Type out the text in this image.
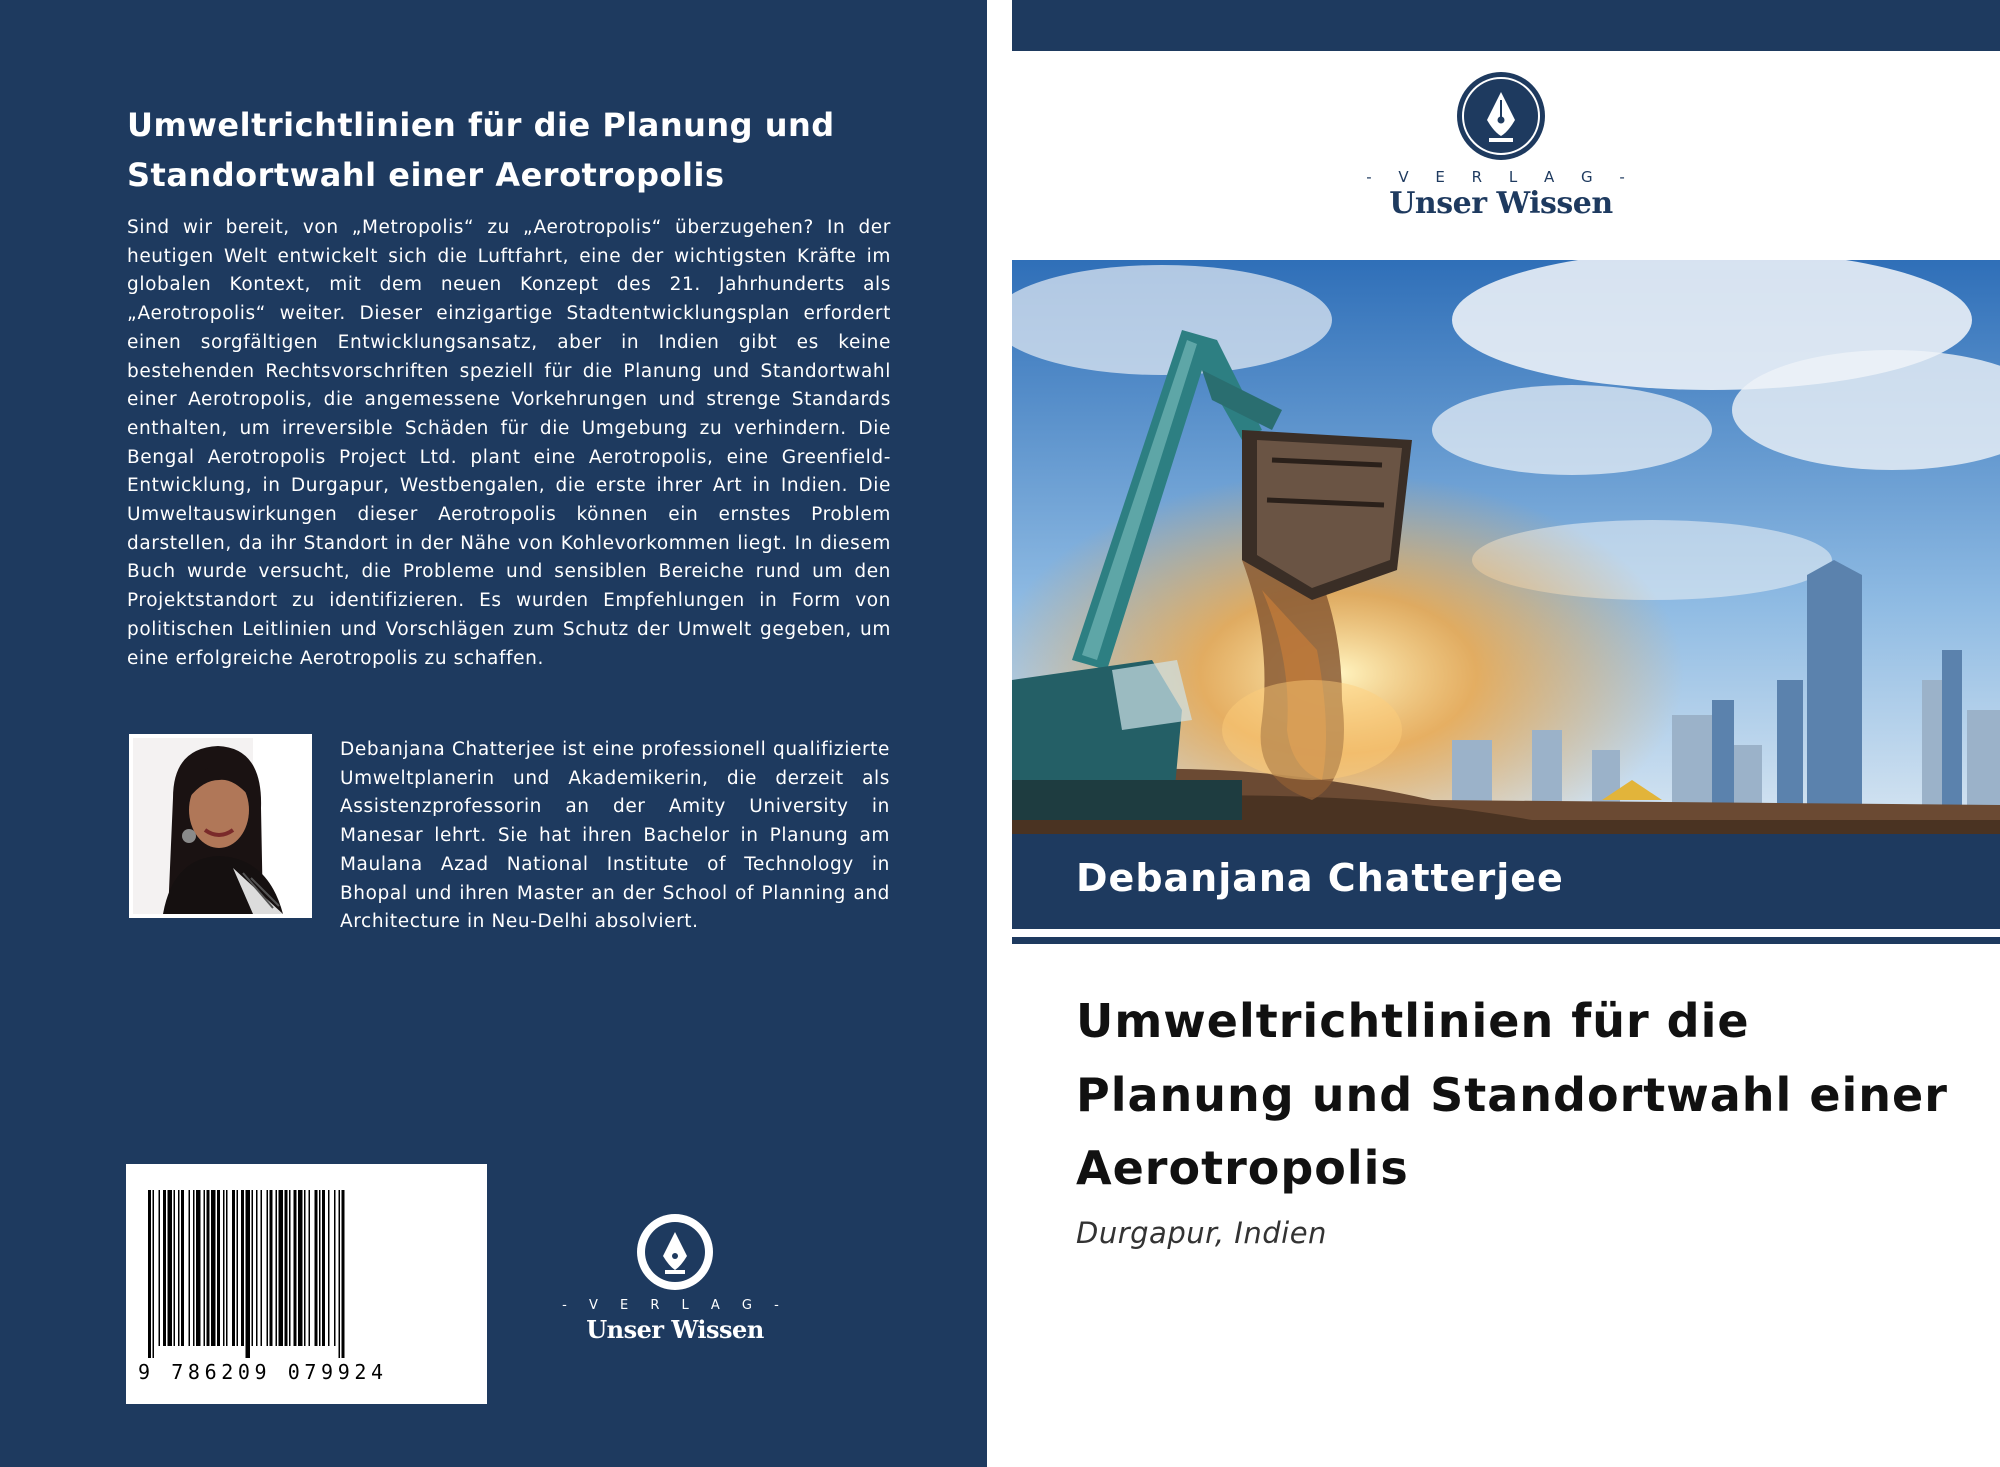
Umweltrichtlinien für die Planung und Standortwahl einer Aerotropolis

Sind wir bereit, von „Metropolis“ zu „Aerotropolis“ überzugehen? In der heutigen Welt entwickelt sich die Luftfahrt, eine der wichtigsten Kräfte im globalen Kontext, mit dem neuen Konzept des 21. Jahrhunderts als „Aerotropolis“ weiter. Dieser einzigartige Stadtentwicklungsplan erfordert einen sorgfältigen Entwicklungsansatz, aber in Indien gibt es keine bestehenden Rechtsvorschriften speziell für die Planung und Standortwahl einer Aerotropolis, die angemessene Vorkehrungen und strenge Standards enthalten, um irreversible Schäden für die Umgebung zu verhindern. Die Bengal Aerotropolis Project Ltd. plant eine Aerotropolis, eine Greenfield-Entwicklung, in Durgapur, Westbengalen, die erste ihrer Art in Indien. Die Umweltauswirkungen dieser Aerotropolis können ein ernstes Problem darstellen, da ihr Standort in der Nähe von Kohlevorkommen liegt. In diesem Buch wurde versucht, die Probleme und sensiblen Bereiche rund um den Projektstandort zu identifizieren. Es wurden Empfehlungen in Form von politischen Leitlinien und Vorschlägen zum Schutz der Umwelt gegeben, um eine erfolgreiche Aerotropolis zu schaffen.

Debanjana Chatterjee ist eine professionell qualifizierte Umweltplanerin und Akademikerin, die derzeit als Assistenzprofessorin an der Amity University in Manesar lehrt. Sie hat ihren Bachelor in Planung am Maulana Azad National Institute of Technology in Bhopal und ihren Master an der School of Planning and Architecture in Neu-Delhi absolviert.

9 786209 079924
- V E R L A G -
Unser Wissen
- V E R L A G -
Unser Wissen
Debanjana Chatterjee
Umweltrichtlinien für die Planung und Standortwahl einer Aerotropolis

Durgapur, Indien
